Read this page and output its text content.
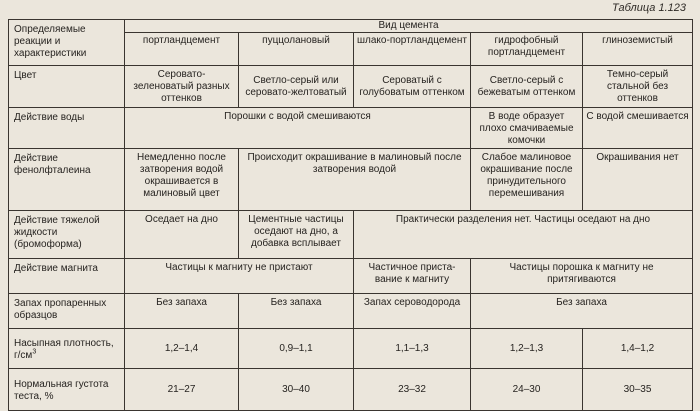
Таблица 1.123
Определяемые реакции и характеристики	Вид цемента				
	портландцемент	пуццолановый	шлако-портландцемент	гидрофобный портландцемент	глиноземистый
Цвет	Серовато-зеленоватый разных оттенков	Светло-серый или серовато-желтоватый	Сероватый с голубоватым оттенком	Светло-серый с бежеватым оттенком	Темно-серый стальной без оттенков
Действие воды	Порошки с водой смешиваются			В воде образует плохо смачиваемые комочки	С водой смешивается
Действие фенолфталеина	Немедленно после затворения водой окрашивается в малиновый цвет	Происходит окрашивание в малиновый после затворения водой		Слабое малиновое окрашивание после принудительного перемешивания	Окрашивания нет
Действие тяжелой жидкости (бромоформа)	Оседает на дно	Цементные частицы оседают на дно, а добавка всплывает	Практически разделения нет. Частицы оседают на дно		
Действие магнита	Частицы к магниту не пристают		Частичное приста-вание к магниту	Частицы порошка к магниту не притягиваются	
Запах пропаренных образцов	Без запаха	Без запаха	Запах сероводорода	Без запаха	
Насыпная плотность, $г/см^3$	1,2–1,4	0,9–1,1	1,1–1,3	1,2–1,3	1,4–1,2
Нормальная густота теста, %	21–27	30–40	23–32	24–30	30–35
